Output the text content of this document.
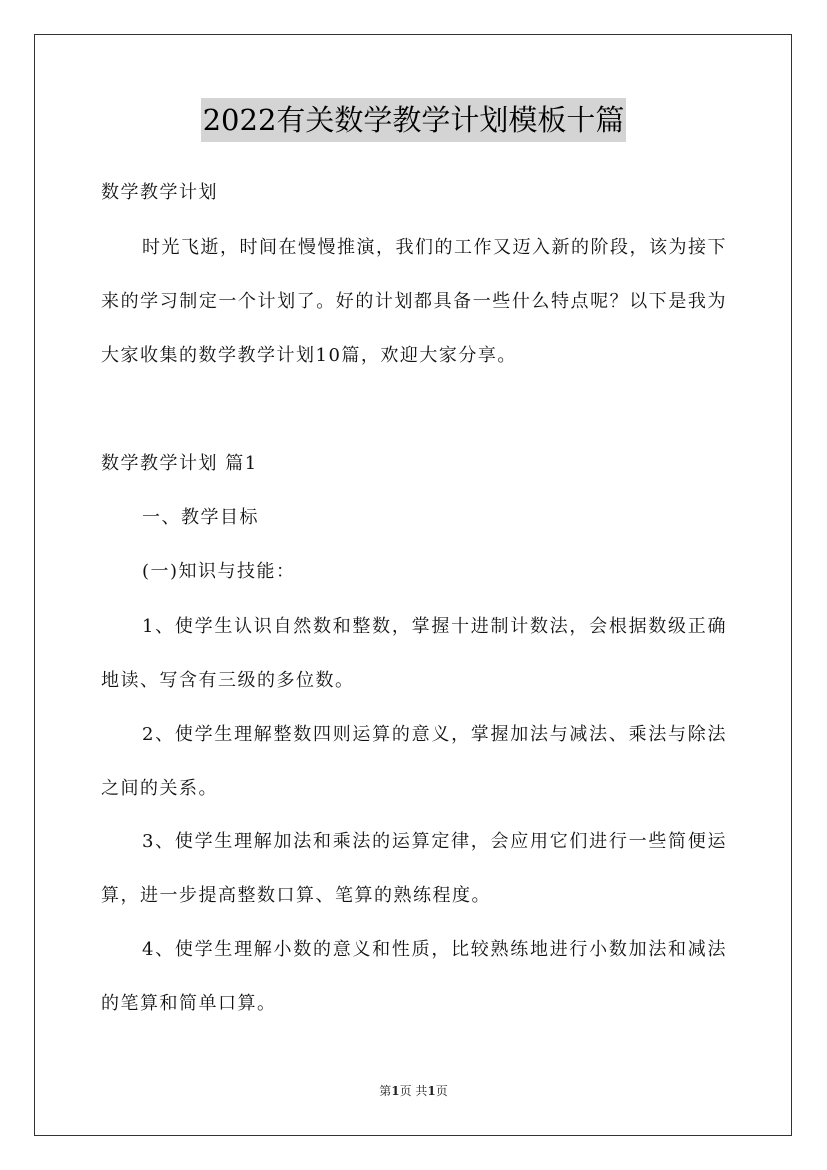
2022有关数学教学计划模板十篇

数学教学计划

时光飞逝，时间在慢慢推演，我们的工作又迈入新的阶段，该为接下来的学习制定一个计划了。好的计划都具备一些什么特点呢？以下是我为大家收集的数学教学计划10篇，欢迎大家分享。

数学教学计划 篇1

一、教学目标

(一)知识与技能：

1、使学生认识自然数和整数，掌握十进制计数法，会根据数级正确地读、写含有三级的多位数。

2、使学生理解整数四则运算的意义，掌握加法与减法、乘法与除法之间的关系。

3、使学生理解加法和乘法的运算定律，会应用它们进行一些简便运算，进一步提高整数口算、笔算的熟练程度。

4、使学生理解小数的意义和性质，比较熟练地进行小数加法和减法的笔算和简单口算。

第1页 共1页
